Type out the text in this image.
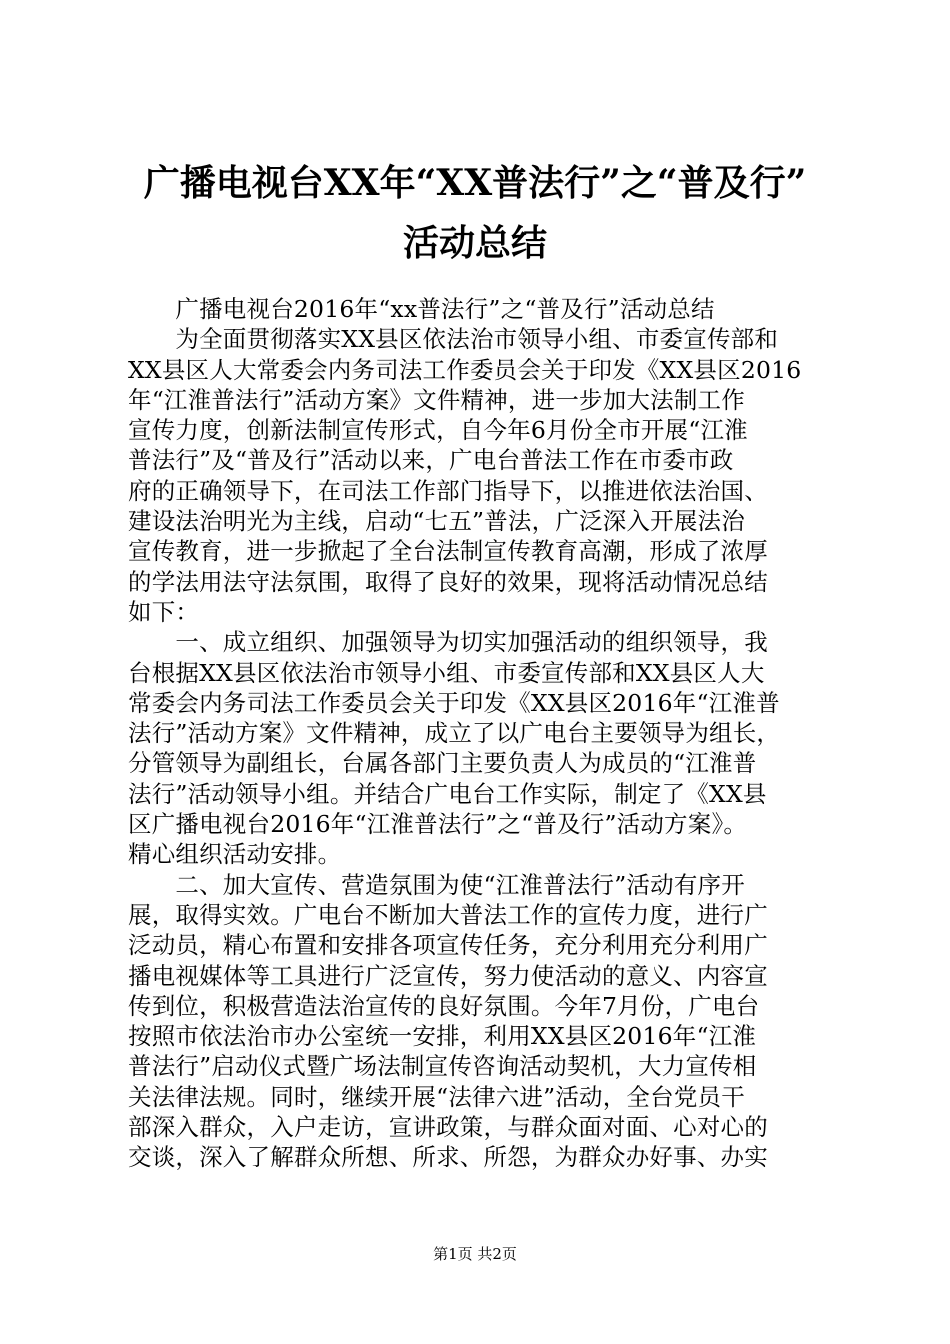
广播电视台XX年“XX普法行”之“普及行”
活动总结
　　广播电视台2016年“xx普法行”之“普及行”活动总结
　　为全面贯彻落实XX县区依法治市领导小组、市委宣传部和
XX县区人大常委会内务司法工作委员会关于印发《XX县区2016
年“江淮普法行”活动方案》文件精神，进一步加大法制工作
宣传力度，创新法制宣传形式，自今年6月份全市开展“江淮
普法行”及“普及行”活动以来，广电台普法工作在市委市政
府的正确领导下，在司法工作部门指导下，以推进依法治国、
建设法治明光为主线，启动“七五”普法，广泛深入开展法治
宣传教育，进一步掀起了全台法制宣传教育高潮，形成了浓厚
的学法用法守法氛围，取得了良好的效果，现将活动情况总结
如下：
　　一、成立组织、加强领导为切实加强活动的组织领导，我
台根据XX县区依法治市领导小组、市委宣传部和XX县区人大
常委会内务司法工作委员会关于印发《XX县区2016年“江淮普
法行”活动方案》文件精神，成立了以广电台主要领导为组长，
分管领导为副组长，台属各部门主要负责人为成员的“江淮普
法行”活动领导小组。并结合广电台工作实际，制定了《XX县
区广播电视台2016年“江淮普法行”之“普及行”活动方案》。
精心组织活动安排。
　　二、加大宣传、营造氛围为使“江淮普法行”活动有序开
展，取得实效。广电台不断加大普法工作的宣传力度，进行广
泛动员，精心布置和安排各项宣传任务，充分利用充分利用广
播电视媒体等工具进行广泛宣传，努力使活动的意义、内容宣
传到位，积极营造法治宣传的良好氛围。今年7月份，广电台
按照市依法治市办公室统一安排，利用XX县区2016年“江淮
普法行”启动仪式暨广场法制宣传咨询活动契机，大力宣传相
关法律法规。同时，继续开展“法律六进”活动，全台党员干
部深入群众，入户走访，宣讲政策，与群众面对面、心对心的
交谈，深入了解群众所想、所求、所怨，为群众办好事、办实
第1页 共2页
